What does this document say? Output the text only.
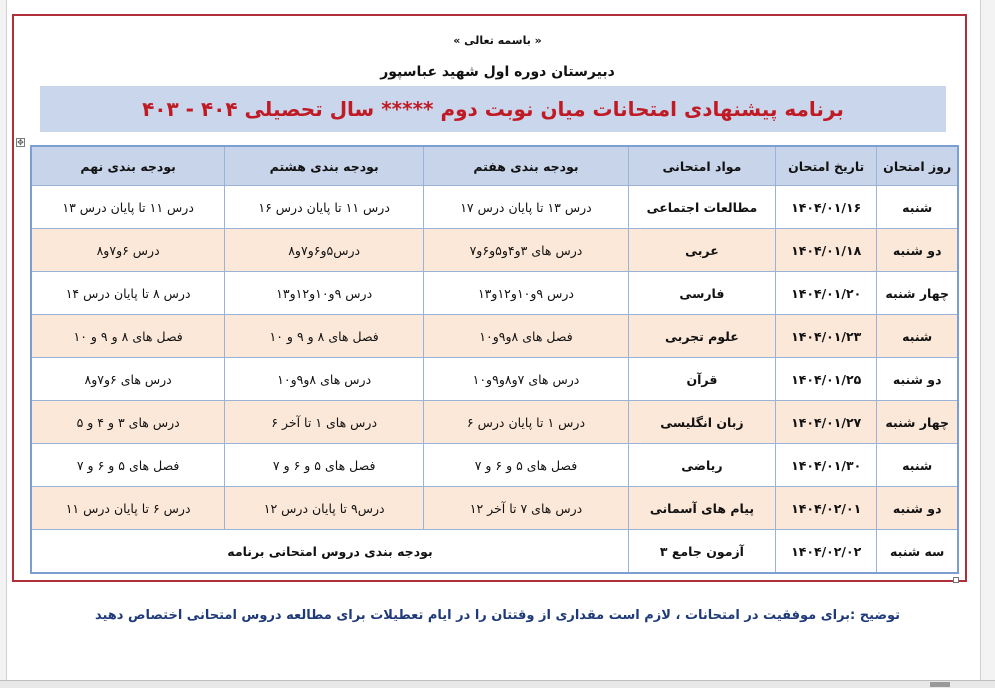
« باسمه تعالی »
دبیرستان دوره اول شهید عباسپور
برنامه پیشنهادی امتحانات میان نوبت دوم ***** سال تحصیلی ۴۰۴ - ۴۰۳
✥
روز امتحان	تاریخ امتحان	مواد امتحانی	بودجه بندی هفتم	بودجه بندی هشتم	بودجه بندی نهم
شنبه	۱۴۰۴/۰۱/۱۶	مطالعات اجتماعی	درس ۱۳ تا پایان درس ۱۷	درس ۱۱ تا پایان درس ۱۶	درس ۱۱ تا پایان درس ۱۳
دو شنبه	۱۴۰۴/۰۱/۱۸	عربی	درس های ۳و۴و۵و۶و۷	درس۵و۶و۷و۸	درس ۶و۷و۸
چهار شنبه	۱۴۰۴/۰۱/۲۰	فارسی	درس ۹و۱۰و۱۲و۱۳	درس ۹و۱۰و۱۲و۱۳	درس ۸ تا پایان درس ۱۴
شنبه	۱۴۰۴/۰۱/۲۳	علوم تجربی	فصل های ۸و۹و۱۰	فصل های ۸ و ۹ و ۱۰	فصل های ۸ و ۹ و ۱۰
دو شنبه	۱۴۰۴/۰۱/۲۵	قرآن	درس های ۷و۸و۹و۱۰	درس های ۸و۹و۱۰	درس های ۶و۷و۸
چهار شنبه	۱۴۰۴/۰۱/۲۷	زبان انگلیسی	درس ۱ تا پایان درس ۶	درس های ۱ تا آخر ۶	درس های ۳ و ۴ و ۵
شنبه	۱۴۰۴/۰۱/۳۰	ریاضی	فصل های ۵ و ۶ و ۷	فصل های ۵ و ۶ و ۷	فصل های ۵ و ۶ و ۷
دو شنبه	۱۴۰۴/۰۲/۰۱	پیام های آسمانی	درس های ۷ تا آخر ۱۲	درس۹ تا پایان درس ۱۲	درس ۶ تا پایان درس ۱۱
سه شنبه	۱۴۰۴/۰۲/۰۲	آزمون جامع ۳	بودجه بندی دروس امتحانی برنامه		
توضیح :برای موفقیت در امتحانات ، لازم است مقداری از وقتتان را در ایام تعطیلات برای مطالعه دروس امتحانی اختصاص دهید
